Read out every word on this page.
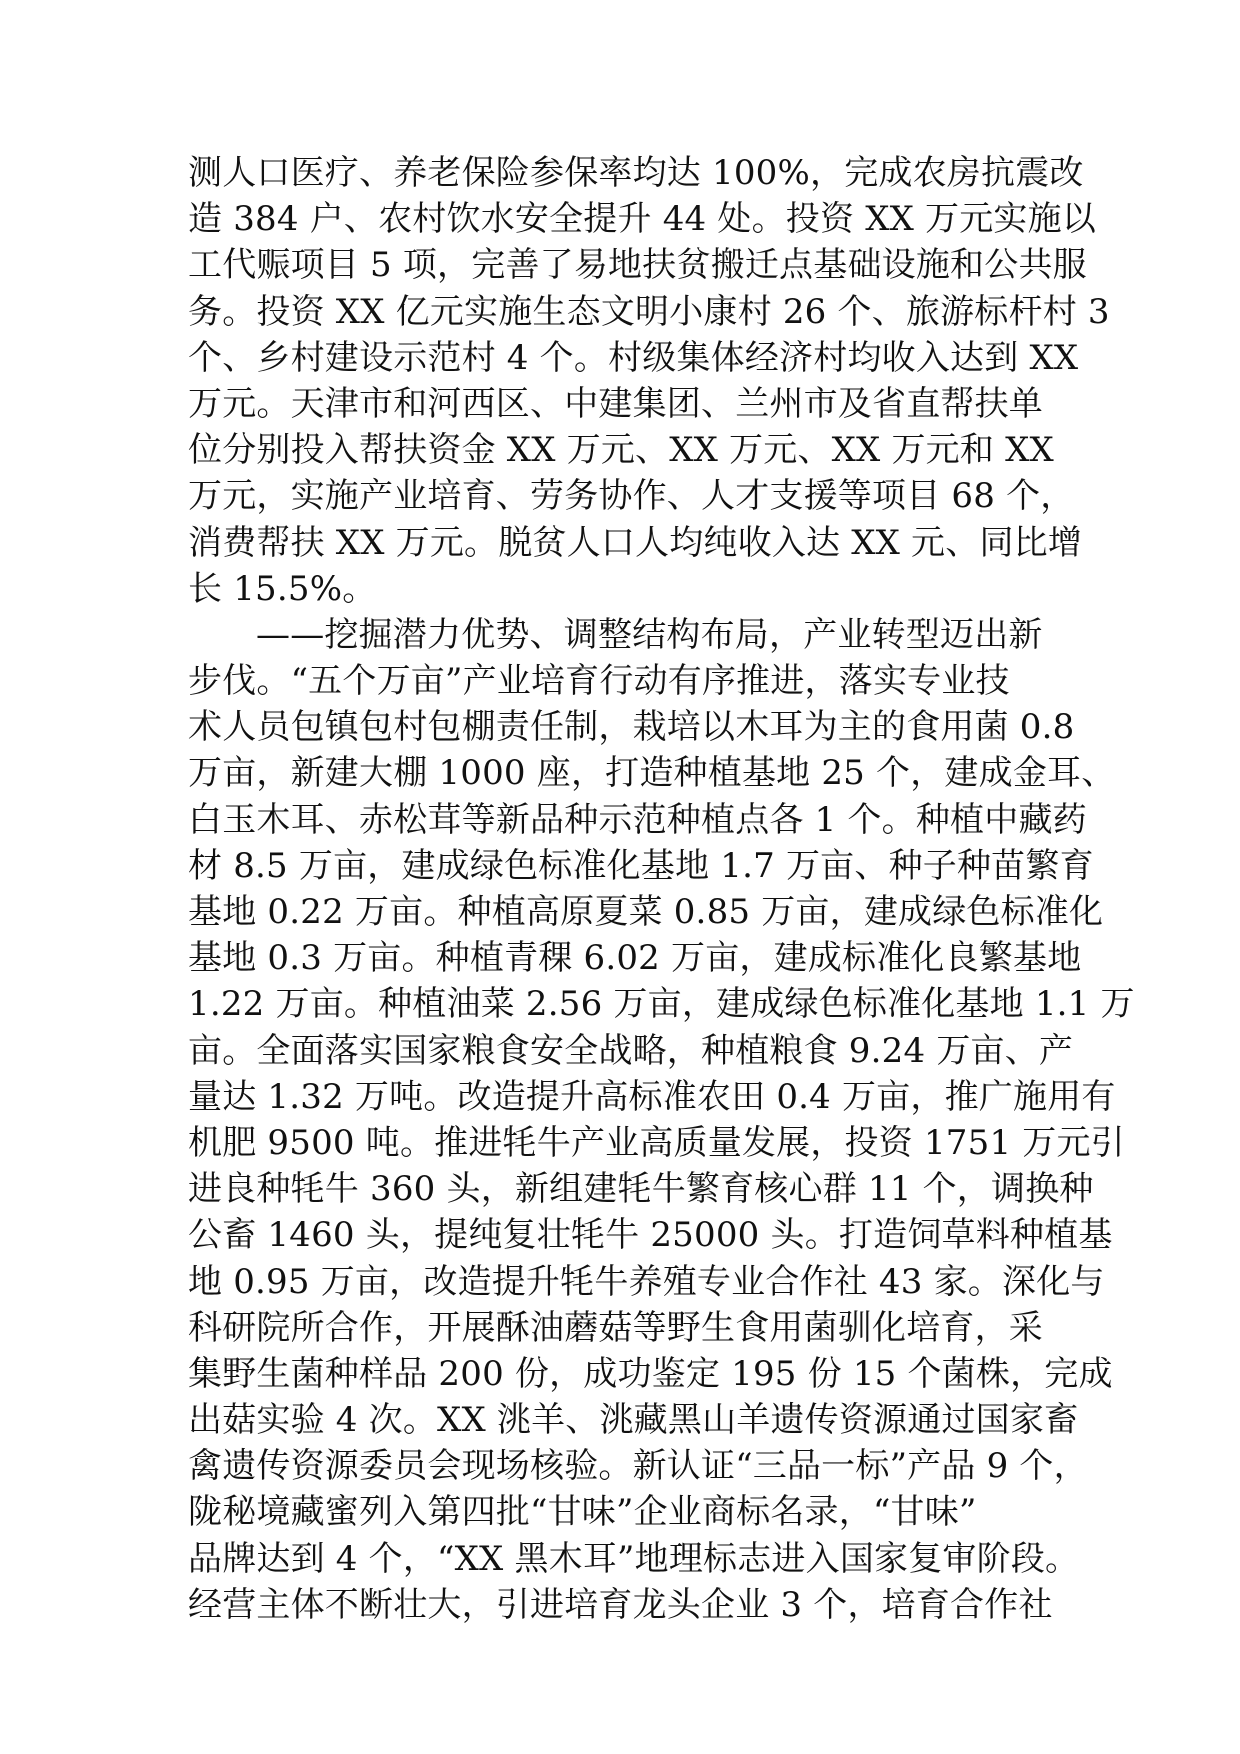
测人口医疗、养老保险参保率均达 100%，完成农房抗震改
造 384 户、农村饮水安全提升 44 处。投资 XX 万元实施以
工代赈项目 5 项，完善了易地扶贫搬迁点基础设施和公共服
务。投资 XX 亿元实施生态文明小康村 26 个、旅游标杆村 3
个、乡村建设示范村 4 个。村级集体经济村均收入达到 XX
万元。天津市和河西区、中建集团、兰州市及省直帮扶单
位分别投入帮扶资金 XX 万元、XX 万元、XX 万元和 XX
万元，实施产业培育、劳务协作、人才支援等项目 68 个，
消费帮扶 XX 万元。脱贫人口人均纯收入达 XX 元、同比增
长 15.5%。
——挖掘潜力优势、调整结构布局，产业转型迈出新
步伐。“五个万亩”产业培育行动有序推进，落实专业技
术人员包镇包村包棚责任制，栽培以木耳为主的食用菌 0.8
万亩，新建大棚 1000 座，打造种植基地 25 个，建成金耳、
白玉木耳、赤松茸等新品种示范种植点各 1 个。种植中藏药
材 8.5 万亩，建成绿色标准化基地 1.7 万亩、种子种苗繁育
基地 0.22 万亩。种植高原夏菜 0.85 万亩，建成绿色标准化
基地 0.3 万亩。种植青稞 6.02 万亩，建成标准化良繁基地
1.22 万亩。种植油菜 2.56 万亩，建成绿色标准化基地 1.1 万
亩。全面落实国家粮食安全战略，种植粮食 9.24 万亩、产
量达 1.32 万吨。改造提升高标准农田 0.4 万亩，推广施用有
机肥 9500 吨。推进牦牛产业高质量发展，投资 1751 万元引
进良种牦牛 360 头，新组建牦牛繁育核心群 11 个，调换种
公畜 1460 头，提纯复壮牦牛 25000 头。打造饲草料种植基
地 0.95 万亩，改造提升牦牛养殖专业合作社 43 家。深化与
科研院所合作，开展酥油蘑菇等野生食用菌驯化培育，采
集野生菌种样品 200 份，成功鉴定 195 份 15 个菌株，完成
出菇实验 4 次。XX 洮羊、洮藏黑山羊遗传资源通过国家畜
禽遗传资源委员会现场核验。新认证“三品一标”产品 9 个，
陇秘境藏蜜列入第四批“甘味”企业商标名录，“甘味”
品牌达到 4 个，“XX 黑木耳”地理标志进入国家复审阶段。
经营主体不断壮大，引进培育龙头企业 3 个，培育合作社
